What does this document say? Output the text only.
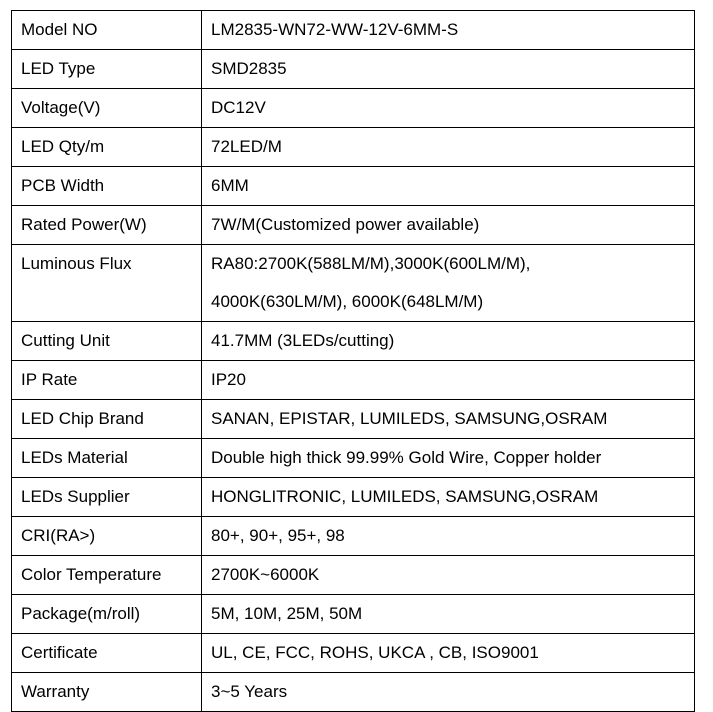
Model NO	LM2835-WN72-WW-12V-6MM-S
LED Type	SMD2835
Voltage(V)	DC12V
LED Qty/m	72LED/M
PCB Width	6MM
Rated Power(W)	7W/M(Customized power available)
Luminous Flux	RA80:2700K(588LM/M),3000K(600LM/M),
4000K(630LM/M), 6000K(648LM/M)

Cutting Unit	41.7MM (3LEDs/cutting)
IP Rate	IP20
LED Chip Brand	SANAN, EPISTAR, LUMILEDS, SAMSUNG,OSRAM
LEDs Material	Double high thick 99.99% Gold Wire, Copper holder
LEDs Supplier	HONGLITRONIC, LUMILEDS, SAMSUNG,OSRAM
CRI(RA>)	80+, 90+, 95+, 98
Color Temperature	2700K~6000K
Package(m/roll)	5M, 10M, 25M, 50M
Certificate	UL, CE, FCC, ROHS, UKCA , CB, ISO9001
Warranty	3~5 Years
